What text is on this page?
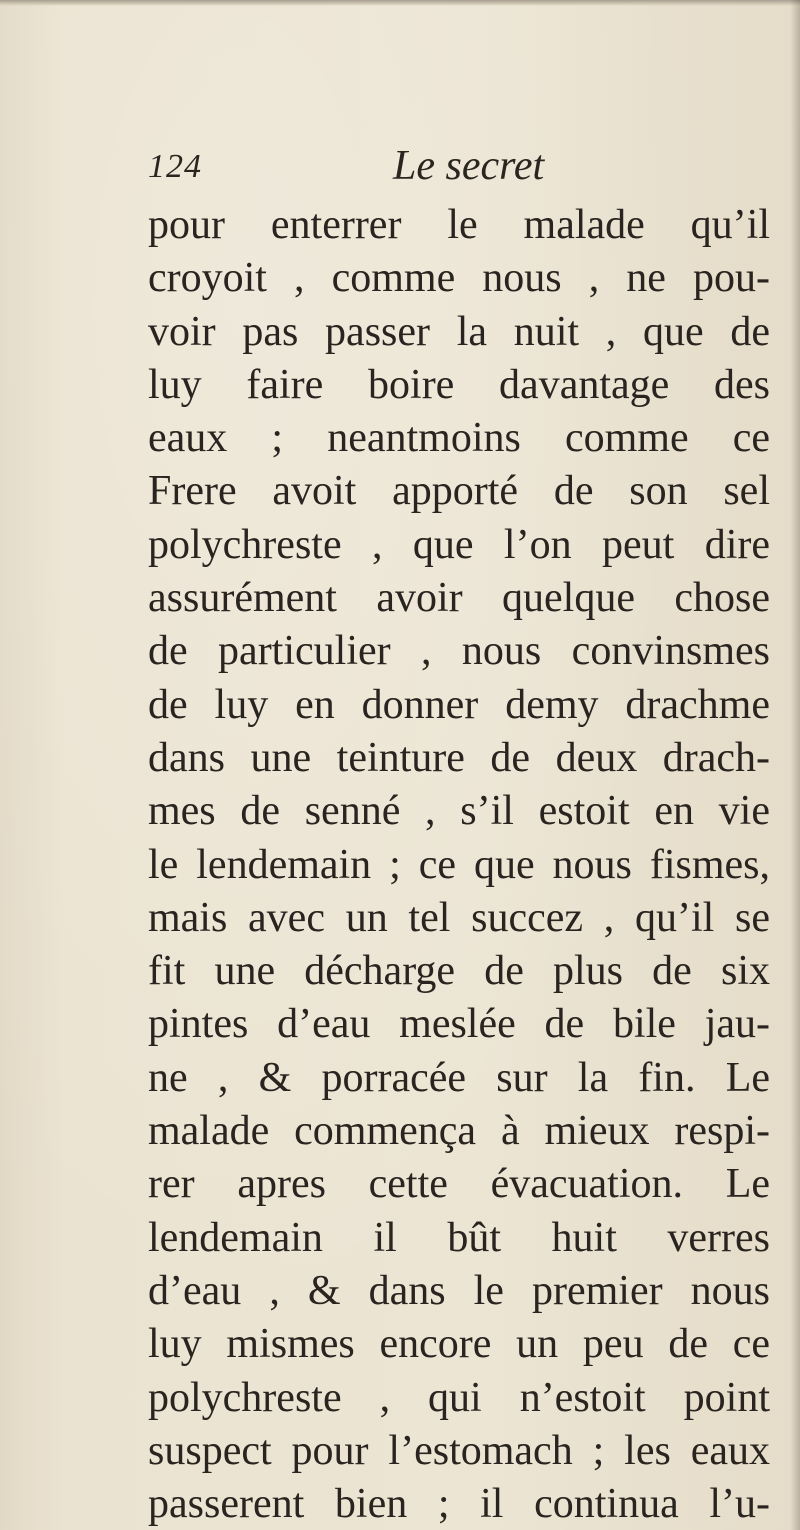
124	Le secret
pour enterrer le malade qu’il
croyoit , comme nous , ne pou-
voir pas passer la nuit , que de
luy faire boire davantage des
eaux ; neantmoins comme ce
Frere avoit apporté de son sel
polychreste , que l’on peut dire
assurément avoir quelque chose
de particulier , nous convinsmes
de luy en donner demy drachme
dans une teinture de deux drach-
mes de senné , s’il estoit en vie
le lendemain ; ce que nous fismes,
mais avec un tel succez , qu’il se
fit une décharge de plus de six
pintes d’eau meslée de bile jau-
ne , & porracée sur la fin. Le
malade commença à mieux respi-
rer apres cette évacuation. Le
lendemain il bût huit verres
d’eau , & dans le premier nous
luy mismes encore un peu de ce
polychreste , qui n’estoit point
suspect pour l’estomach ; les eaux
passerent bien ; il continua l’u-
